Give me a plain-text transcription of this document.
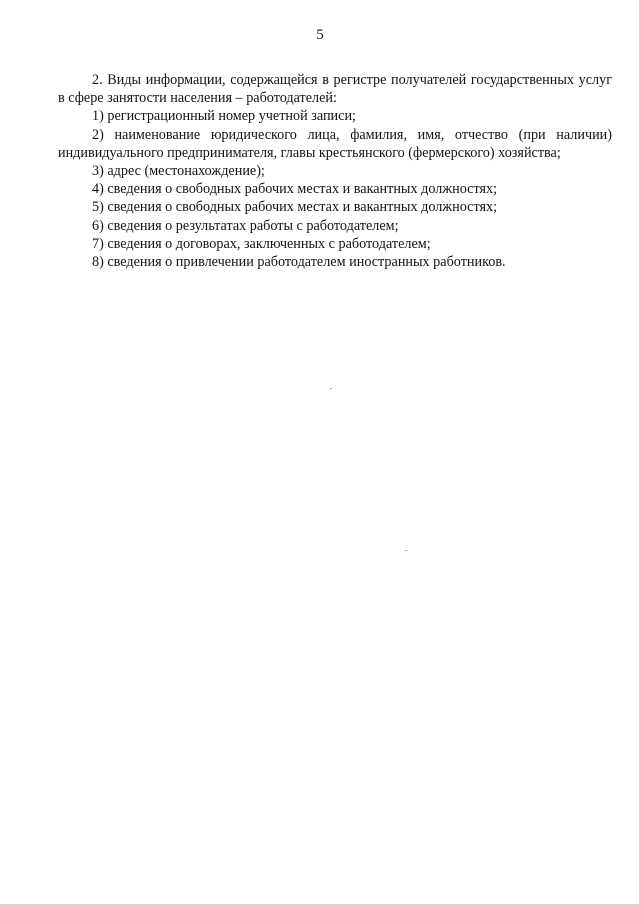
5

2. Виды информации, содержащейся в регистре получателей государственных услуг в сфере занятости населения – работодателей:

1) регистрационный номер учетной записи;

2) наименование юридического лица, фамилия, имя, отчество (при наличии) индивидуального предпринимателя, главы крестьянского (фермерского) хозяйства;

3) адрес (местонахождение);

4) сведения о свободных рабочих местах и вакантных должностях;

5) сведения о свободных рабочих местах и вакантных должностях;

6) сведения о результатах работы с работодателем;

7) сведения о договорах, заключенных с работодателем;

8) сведения о привлечении работодателем иностранных работников.
